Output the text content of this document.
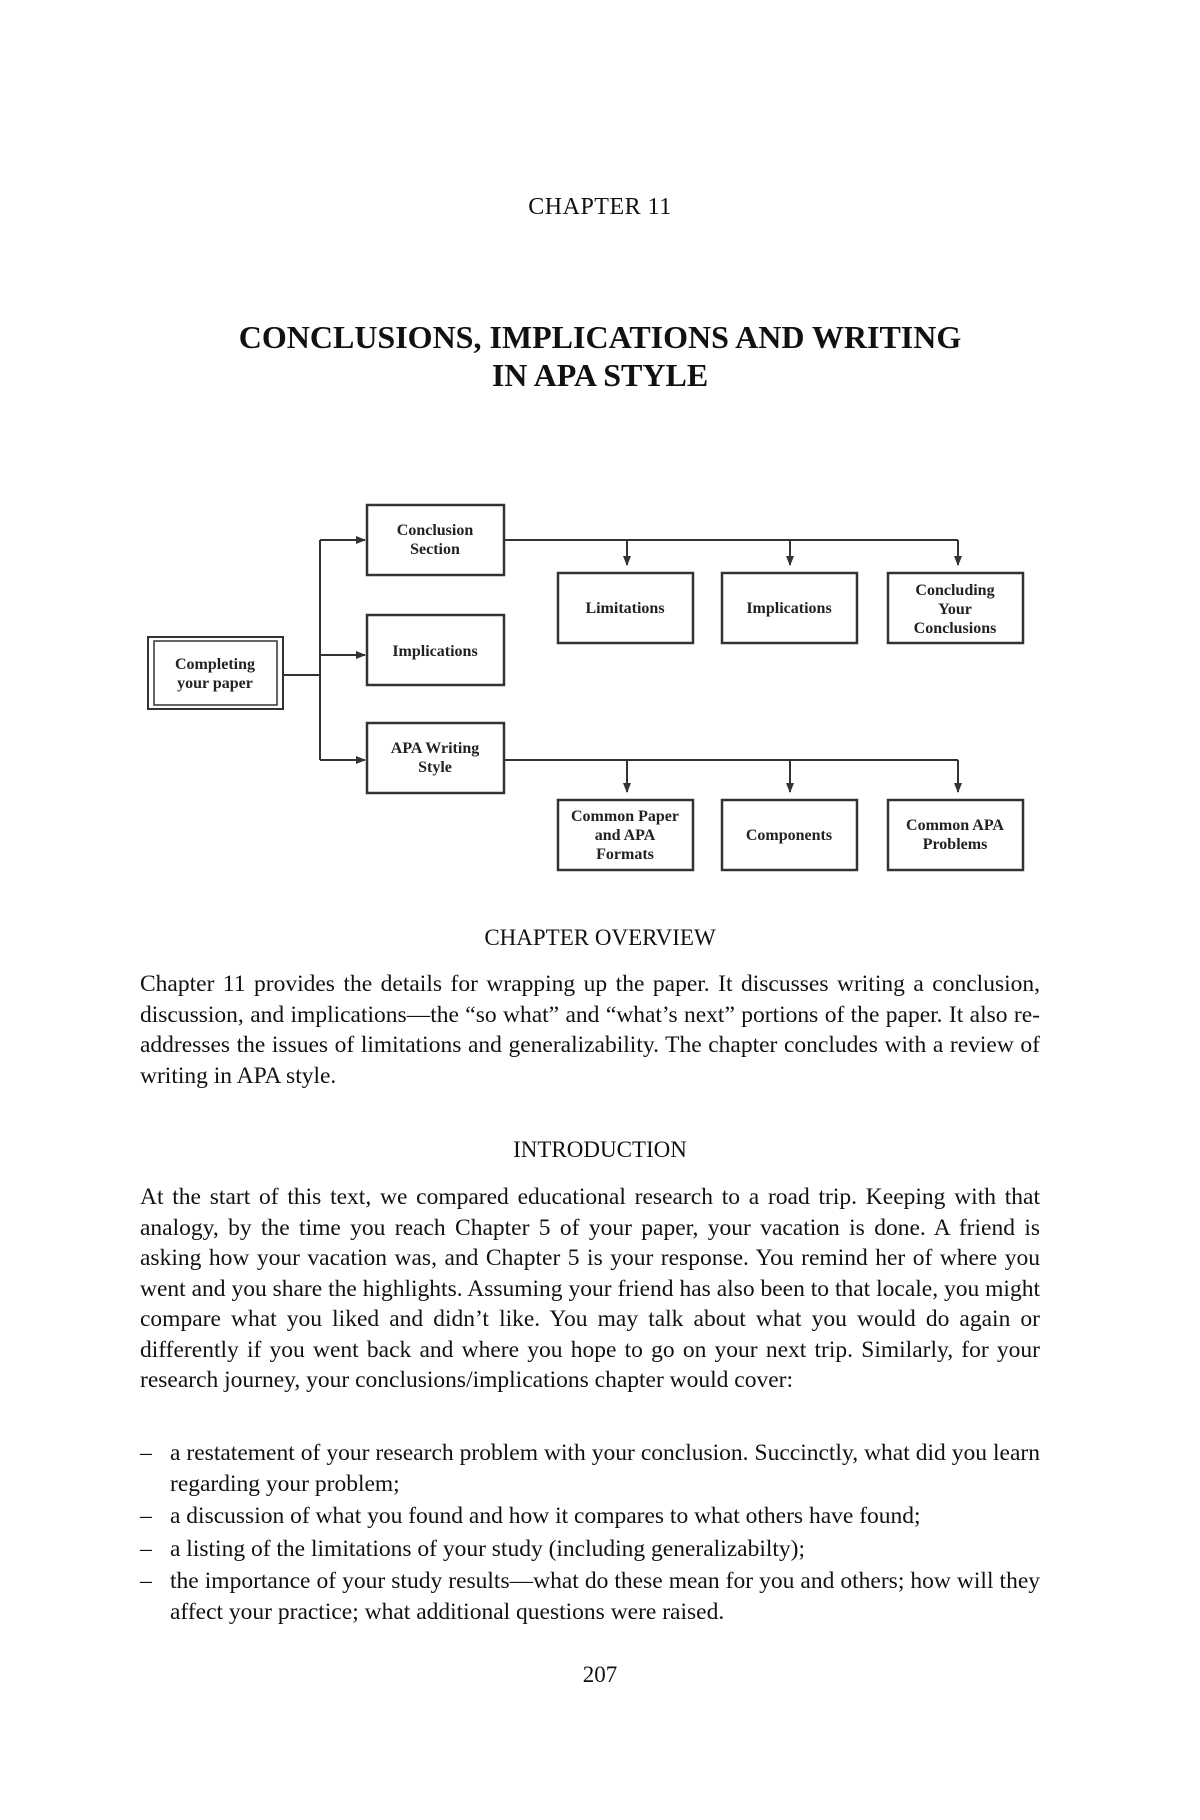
CHAPTER 11
CONCLUSIONS, IMPLICATIONS AND WRITING
IN APA STYLE
Completing
your paper
Conclusion
Section
Implications
APA Writing
Style
Limitations	Implications
Concluding
Your
Conclusions
Common Paper
and APA
Formats
Components
Common APA
Problems
CHAPTER OVERVIEW

Chapter 11 provides the details for wrapping up the paper. It discusses writing a conclusion, discussion, and implications—the “so what” and “what’s next” portions of the paper. It also re-addresses the issues of limitations and generalizability. The chapter concludes with a review of writing in APA style.

INTRODUCTION

At the start of this text, we compared educational research to a road trip. Keeping with that analogy, by the time you reach Chapter 5 of your paper, your vacation is done. A friend is asking how your vacation was, and Chapter 5 is your response. You remind her of where you went and you share the highlights. Assuming your friend has also been to that locale, you might compare what you liked and didn’t like. You may talk about what you would do again or differently if you went back and where you hope to go on your next trip. Similarly, for your research journey, your conclusions/implications chapter would cover:

– a restatement of your research problem with your conclusion. Succinctly, what did you learn regarding your problem;
– a discussion of what you found and how it compares to what others have found;
– a listing of the limitations of your study (including generalizabilty);
– the importance of your study results—what do these mean for you and others; how will they affect your practice; what additional questions were raised.
207
